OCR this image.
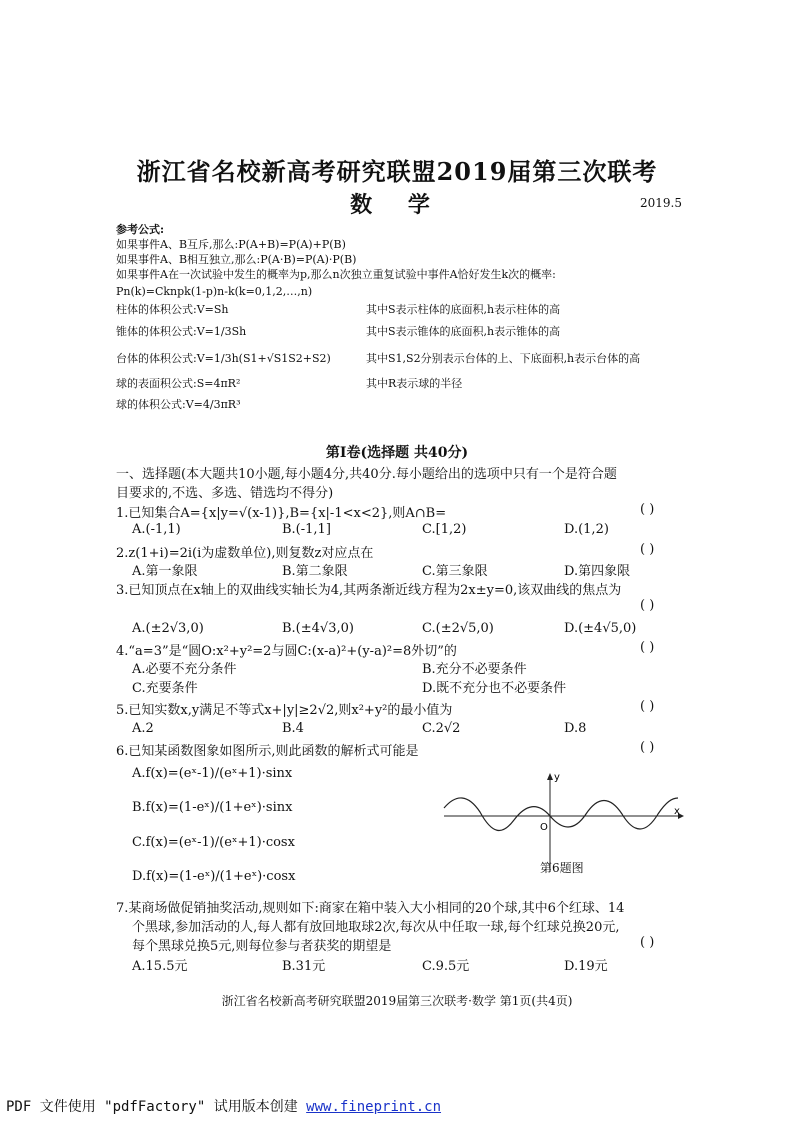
浙江省名校新高考研究联盟2019届第三次联考
数 学	2019.5
参考公式:
如果事件A、B互斥,那么:P(A+B)=P(A)+P(B)
如果事件A、B相互独立,那么:P(A·B)=P(A)·P(B)
如果事件A在一次试验中发生的概率为p,那么n次独立重复试验中事件A恰好发生k次的概率:
Pn(k)=Cknpk(1-p)n-k(k=0,1,2,…,n)
柱体的体积公式:V=Sh	其中S表示柱体的底面积,h表示柱体的高
锥体的体积公式:V=1/3Sh	其中S表示锥体的底面积,h表示锥体的高
台体的体积公式:V=1/3h(S1+√S1S2+S2)	其中S1,S2分别表示台体的上、下底面积,h表示台体的高
球的表面积公式:S=4πR²	其中R表示球的半径
球的体积公式:V=4/3πR³
第Ⅰ卷(选择题 共40分)
一、选择题(本大题共10小题,每小题4分,共40分.每小题给出的选项中只有一个是符合题
目要求的,不选、多选、错选均不得分)
1.已知集合A={x|y=√(x-1)},B={x|-1<x<2},则A∩B=	( )
A.(-1,1)	B.(-1,1]	C.[1,2)	D.(1,2)
2.z(1+i)=2i(i为虚数单位),则复数z对应点在	( )
A.第一象限	B.第二象限	C.第三象限	D.第四象限
3.已知顶点在x轴上的双曲线实轴长为4,其两条渐近线方程为2x±y=0,该双曲线的焦点为
( )
A.(±2√3,0)	B.(±4√3,0)	C.(±2√5,0)	D.(±4√5,0)
4.“a=3”是“圆O:x²+y²=2与圆C:(x-a)²+(y-a)²=8外切”的	( )
A.必要不充分条件	B.充分不必要条件
C.充要条件	D.既不充分也不必要条件
5.已知实数x,y满足不等式x+|y|≥2√2,则x²+y²的最小值为	( )
A.2	B.4	C.2√2	D.8
6.已知某函数图象如图所示,则此函数的解析式可能是	( )
A.f(x)=(eˣ-1)/(eˣ+1)·sinx
B.f(x)=(1-eˣ)/(1+eˣ)·sinx
C.f(x)=(eˣ-1)/(eˣ+1)·cosx
D.f(x)=(1-eˣ)/(1+eˣ)·cosx
x
y
O
第6题图
7.某商场做促销抽奖活动,规则如下:商家在箱中装入大小相同的20个球,其中6个红球、14
个黑球,参加活动的人,每人都有放回地取球2次,每次从中任取一球,每个红球兑换20元,
每个黑球兑换5元,则每位参与者获奖的期望是	( )
A.15.5元	B.31元	C.9.5元	D.19元
浙江省名校新高考研究联盟2019届第三次联考·数学 第1页(共4页)
PDF 文件使用 "pdfFactory" 试用版本创建 www.fineprint.cn
